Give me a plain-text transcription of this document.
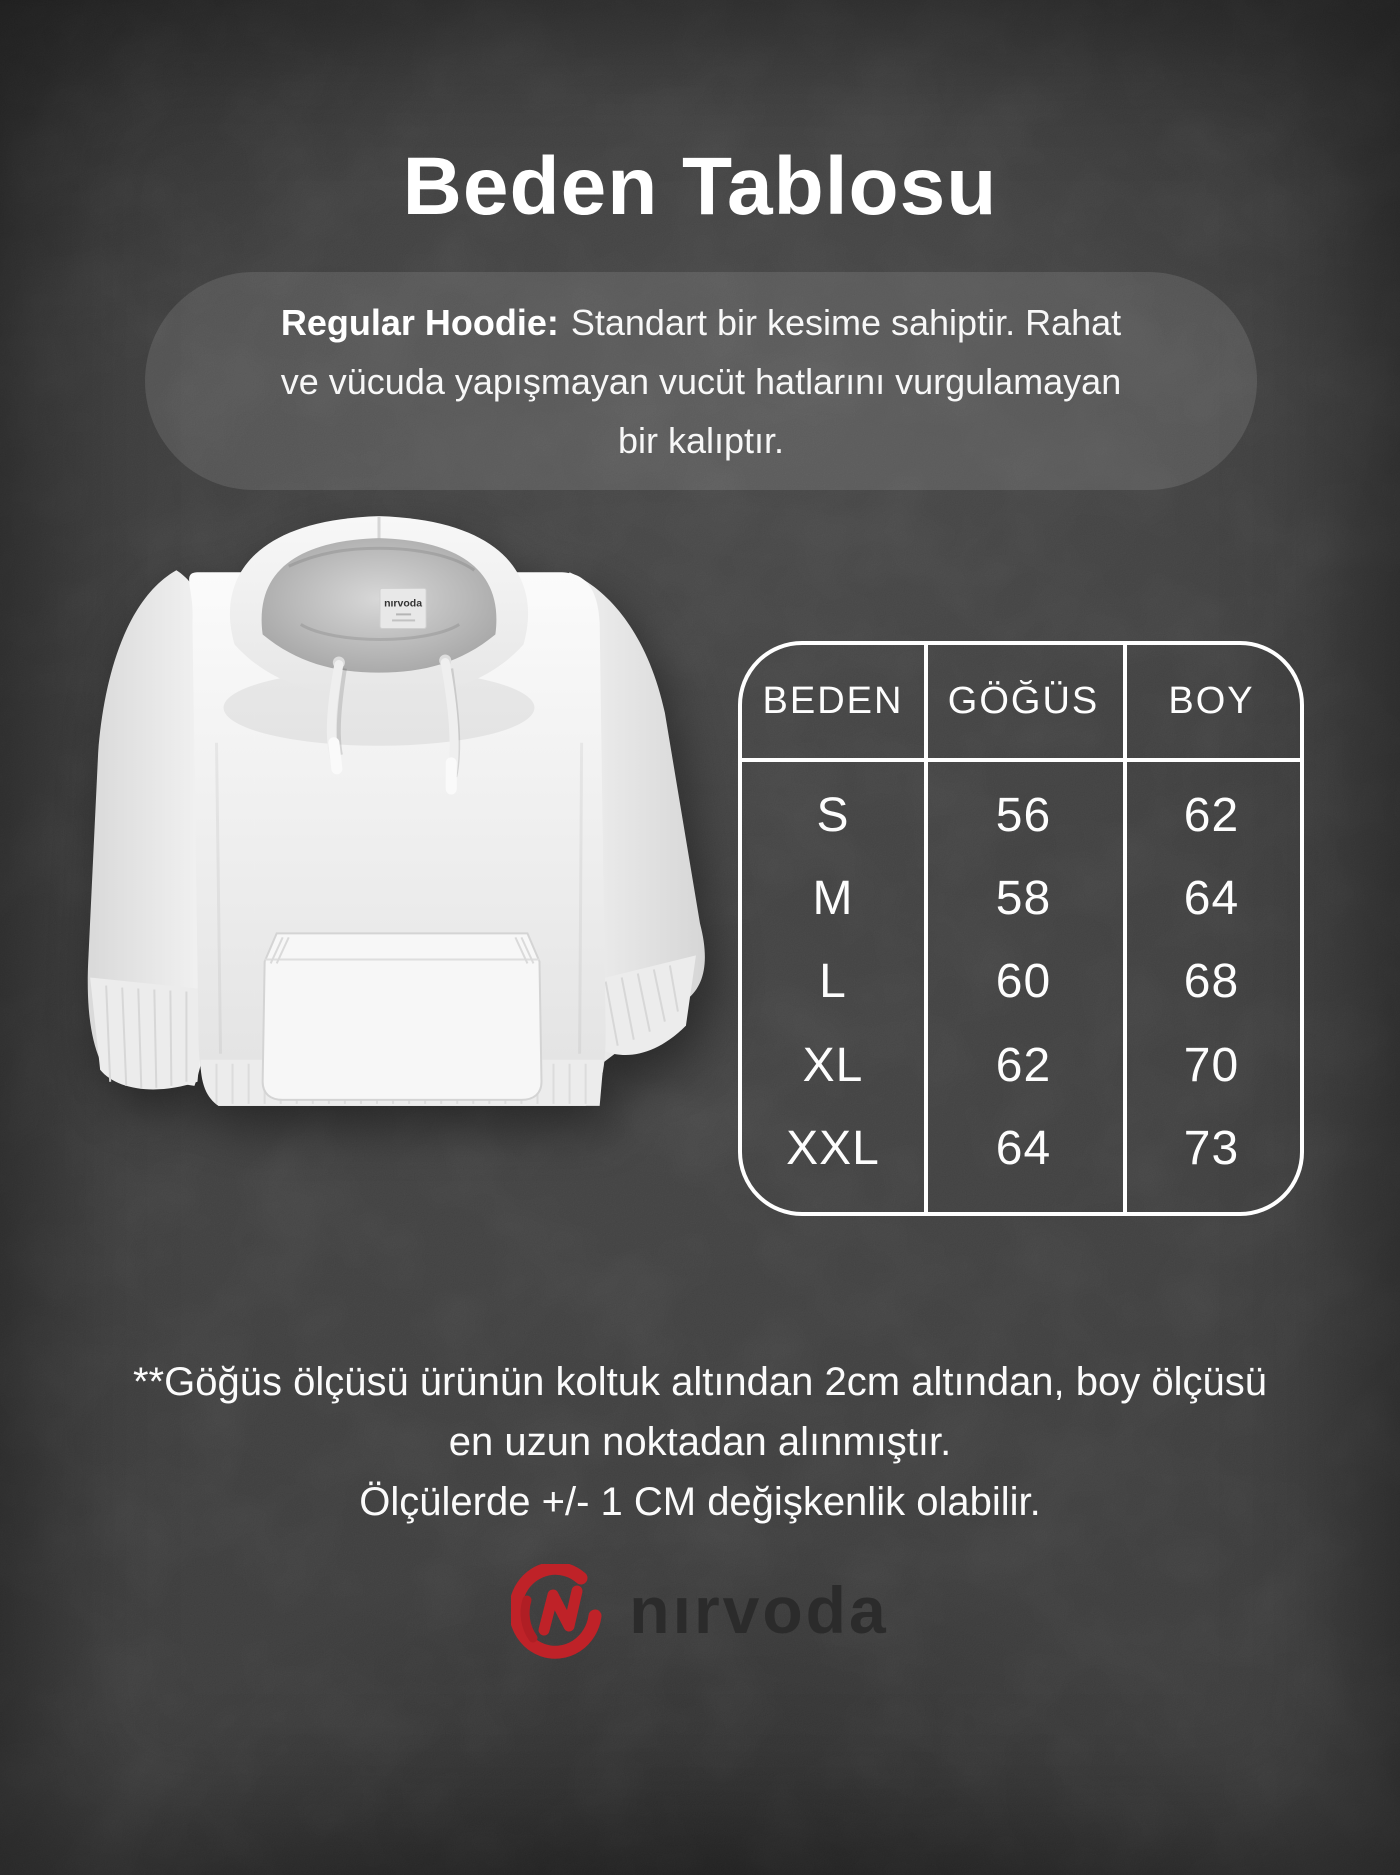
Beden Tablosu
Regular Hoodie: Standart bir kesime sahiptir. Rahat
ve vücuda yapışmayan vucüt hatlarını vurgulamayan
bir kalıptır.
nırvoda
BEDEN	GÖĞÜS	BOY
S	56	62
M	58	64
L	60	68
XL	62	70
XXL	64	73
**Göğüs ölçüsü ürünün koltuk altından 2cm altından, boy ölçüsü
en uzun noktadan alınmıştır.
Ölçülerde +/- 1 CM değişkenlik olabilir.
nırvoda
